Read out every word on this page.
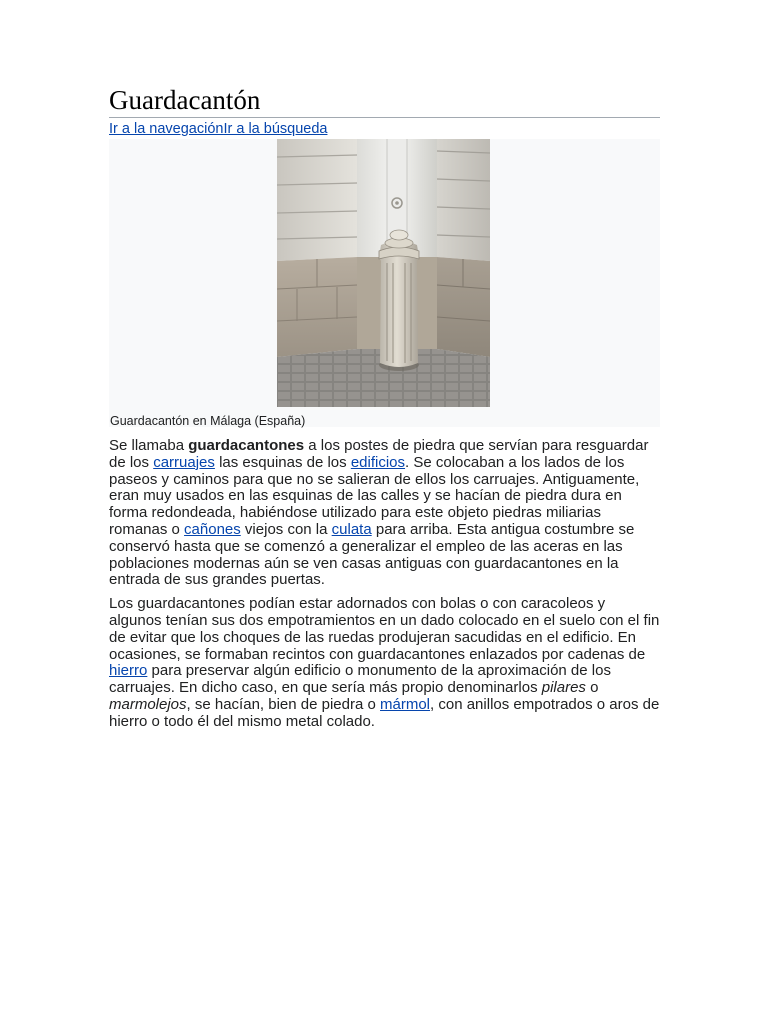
Guardacantón
Ir a la navegaciónIr a la búsqueda
Guardacantón en Málaga (España)

Se llamaba guardacantones a los postes de piedra que servían para resguardar de los carruajes las esquinas de los edificios. Se colocaban a los lados de los paseos y caminos para que no se salieran de ellos los carruajes. Antiguamente, eran muy usados en las esquinas de las calles y se hacían de piedra dura en forma redondeada, habiéndose utilizado para este objeto piedras miliarias romanas o cañones viejos con la culata para arriba. Esta antigua costumbre se conservó hasta que se comenzó a generalizar el empleo de las aceras en las poblaciones modernas aún se ven casas antiguas con guardacantones en la entrada de sus grandes puertas.

Los guardacantones podían estar adornados con bolas o con caracoleos y algunos tenían sus dos empotramientos en un dado colocado en el suelo con el fin de evitar que los choques de las ruedas produjeran sacudidas en el edificio. En ocasiones, se formaban recintos con guardacantones enlazados por cadenas de hierro para preservar algún edificio o monumento de la aproximación de los carruajes. En dicho caso, en que sería más propio denominarlos pilares o marmolejos, se hacían, bien de piedra o mármol, con anillos empotrados o aros de hierro o todo él del mismo metal colado.
